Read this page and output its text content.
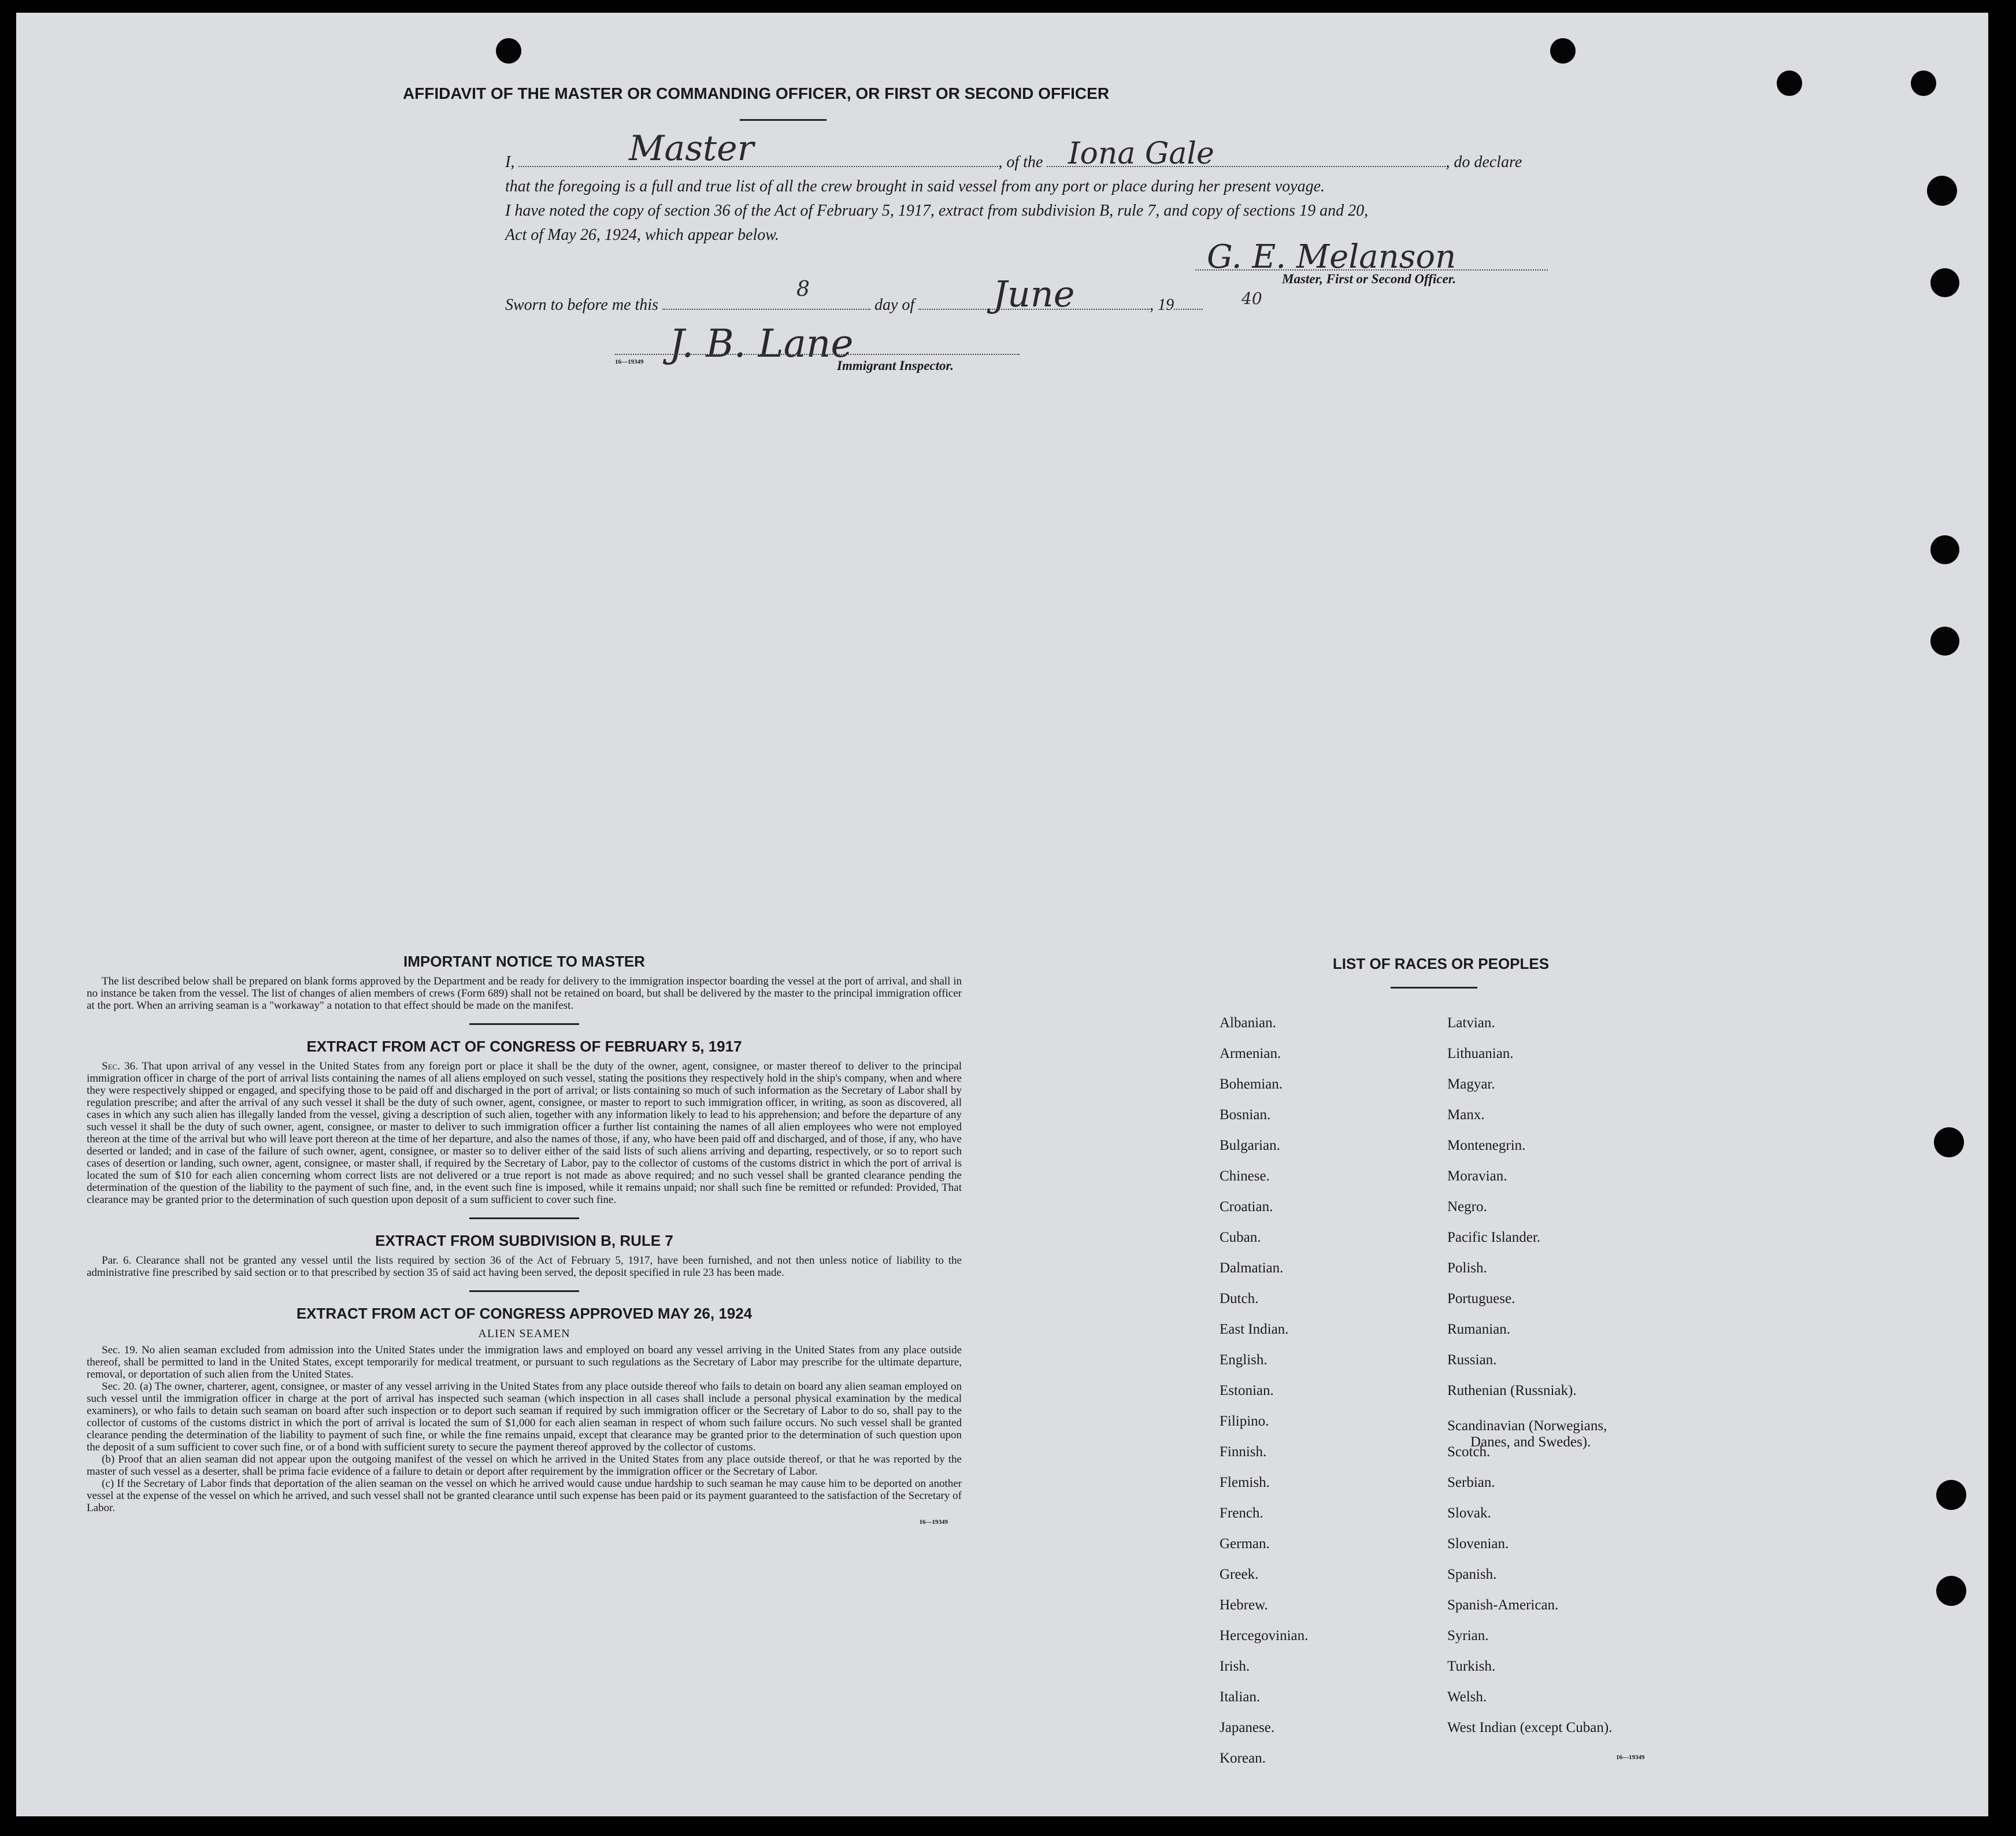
AFFIDAVIT OF THE MASTER OR COMMANDING OFFICER, OR FIRST OR SECOND OFFICER
I,	, of the	, do declare
that the foregoing is a full and true list of all the crew brought in said vessel from any port or place during her present voyage.
I have noted the copy of section 36 of the Act of February 5, 1917, extract from subdivision B, rule 7, and copy of sections 19 and 20,
Act of May 26, 1924, which appear below.
Master	Iona Gale
G. E. Melanson
Master, First or Second Officer.
Sworn to before me this	day of	, 19
8	June	40
J. B. Lane
16—19349	Immigrant Inspector.
IMPORTANT NOTICE TO MASTER

The list described below shall be prepared on blank forms approved by the Department and be ready for delivery to the immigration inspector boarding the vessel at the port of arrival, and shall in no instance be taken from the vessel. The list of changes of alien members of crews (Form 689) shall not be retained on board, but shall be delivered by the master to the principal immigration officer at the port. When an arriving seaman is a "workaway" a notation to that effect should be made on the manifest.

EXTRACT FROM ACT OF CONGRESS OF FEBRUARY 5, 1917

Sec. 36. That upon arrival of any vessel in the United States from any foreign port or place it shall be the duty of the owner, agent, consignee, or master thereof to deliver to the principal immigration officer in charge of the port of arrival lists containing the names of all aliens employed on such vessel, stating the positions they respectively hold in the ship's company, when and where they were respectively shipped or engaged, and specifying those to be paid off and discharged in the port of arrival; or lists containing so much of such information as the Secretary of Labor shall by regulation prescribe; and after the arrival of any such vessel it shall be the duty of such owner, agent, consignee, or master to report to such immigration officer, in writing, as soon as discovered, all cases in which any such alien has illegally landed from the vessel, giving a description of such alien, together with any information likely to lead to his apprehension; and before the departure of any such vessel it shall be the duty of such owner, agent, consignee, or master to deliver to such immigration officer a further list containing the names of all alien employees who were not employed thereon at the time of the arrival but who will leave port thereon at the time of her departure, and also the names of those, if any, who have been paid off and discharged, and of those, if any, who have deserted or landed; and in case of the failure of such owner, agent, consignee, or master so to deliver either of the said lists of such aliens arriving and departing, respectively, or so to report such cases of desertion or landing, such owner, agent, consignee, or master shall, if required by the Secretary of Labor, pay to the collector of customs of the customs district in which the port of arrival is located the sum of $10 for each alien concerning whom correct lists are not delivered or a true report is not made as above required; and no such vessel shall be granted clearance pending the determination of the question of the liability to the payment of such fine, and, in the event such fine is imposed, while it remains unpaid; nor shall such fine be remitted or refunded: Provided, That clearance may be granted prior to the determination of such question upon deposit of a sum sufficient to cover such fine.

EXTRACT FROM SUBDIVISION B, RULE 7

Par. 6. Clearance shall not be granted any vessel until the lists required by section 36 of the Act of February 5, 1917, have been furnished, and not then unless notice of liability to the administrative fine prescribed by said section or to that prescribed by section 35 of said act having been served, the deposit specified in rule 23 has been made.

EXTRACT FROM ACT OF CONGRESS APPROVED MAY 26, 1924
ALIEN SEAMEN

Sec. 19. No alien seaman excluded from admission into the United States under the immigration laws and employed on board any vessel arriving in the United States from any place outside thereof, shall be permitted to land in the United States, except temporarily for medical treatment, or pursuant to such regulations as the Secretary of Labor may prescribe for the ultimate departure, removal, or deportation of such alien from the United States.

Sec. 20. (a) The owner, charterer, agent, consignee, or master of any vessel arriving in the United States from any place outside thereof who fails to detain on board any alien seaman employed on such vessel until the immigration officer in charge at the port of arrival has inspected such seaman (which inspection in all cases shall include a personal physical examination by the medical examiners), or who fails to detain such seaman on board after such inspection or to deport such seaman if required by such immigration officer or the Secretary of Labor to do so, shall pay to the collector of customs of the customs district in which the port of arrival is located the sum of $1,000 for each alien seaman in respect of whom such failure occurs. No such vessel shall be granted clearance pending the determination of the liability to payment of such fine, or while the fine remains unpaid, except that clearance may be granted prior to the determination of such question upon the deposit of a sum sufficient to cover such fine, or of a bond with sufficient surety to secure the payment thereof approved by the collector of customs.

(b) Proof that an alien seaman did not appear upon the outgoing manifest of the vessel on which he arrived in the United States from any place outside thereof, or that he was reported by the master of such vessel as a deserter, shall be prima facie evidence of a failure to detain or deport after requirement by the immigration officer or the Secretary of Labor.

(c) If the Secretary of Labor finds that deportation of the alien seaman on the vessel on which he arrived would cause undue hardship to such seaman he may cause him to be deported on another vessel at the expense of the vessel on which he arrived, and such vessel shall not be granted clearance until such expense has been paid or its payment guaranteed to the satisfaction of the Secretary of Labor.

16—19349
LIST OF RACES OR PEOPLES
16—19349
Albanian.
Armenian.
Bohemian.
Bosnian.
Bulgarian.
Chinese.
Croatian.
Cuban.
Dalmatian.
Dutch.
East Indian.
English.
Estonian.
Filipino.
Finnish.
Flemish.
French.
German.
Greek.
Hebrew.
Hercegovinian.
Irish.
Italian.
Japanese.
Korean.
Latvian.
Lithuanian.
Magyar.
Manx.
Montenegrin.
Moravian.
Negro.
Pacific Islander.
Polish.
Portuguese.
Rumanian.
Russian.
Ruthenian (Russniak).
Scandinavian (Norwegians,
Danes, and Swedes).
Scotch.
Serbian.
Slovak.
Slovenian.
Spanish.
Spanish-American.
Syrian.
Turkish.
Welsh.
West Indian (except Cuban).
